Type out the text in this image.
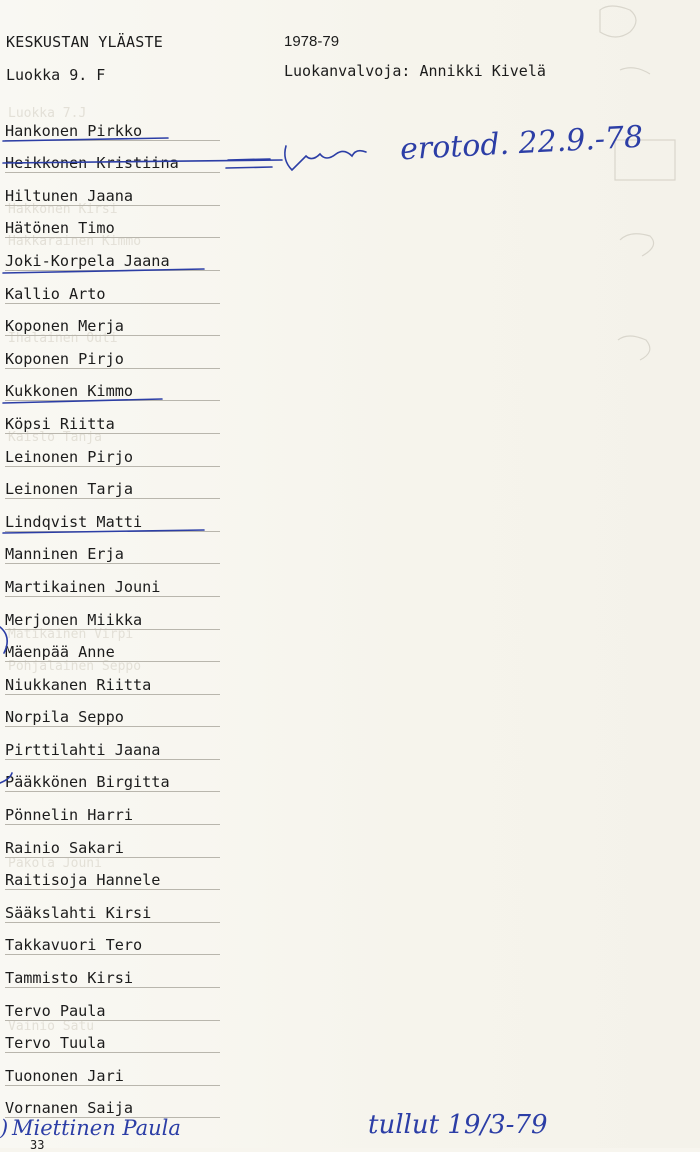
Luokka 7.J
Hakkonen Kirsi
Hakkarainen Kimmo
Ihalainen Outi
Kaislo Tanja
Matikainen Virpi
Pohjalainen Seppo
Pakola Jouni
Vainio Satu
KESKUSTAN YLÄASTE
Luokka 9. F
1978-79
Luokanvalvoja: Annikki Kivelä
Hankonen Pirkko
Heikkonen Kristiina
Hiltunen Jaana
Hätönen Timo
Joki-Korpela Jaana
Kallio Arto
Koponen Merja
Koponen Pirjo
Kukkonen Kimmo
Köpsi Riitta
Leinonen Pirjo
Leinonen Tarja
Lindqvist Matti
Manninen Erja
Martikainen Jouni
Merjonen Miikka
Mäenpää Anne
Niukkanen Riitta
Norpila Seppo
Pirttilahti Jaana
Pääkkönen Birgitta
Pönnelin Harri
Rainio Sakari
Raitisoja Hannele
Sääkslahti Kirsi
Takkavuori Tero
Tammisto Kirsi
Tervo Paula
Tervo Tuula
Tuononen Jari
Vornanen Saija
erotod. 22.9.-78
Miettinen Paula	tullut 19/3-79
33
)
